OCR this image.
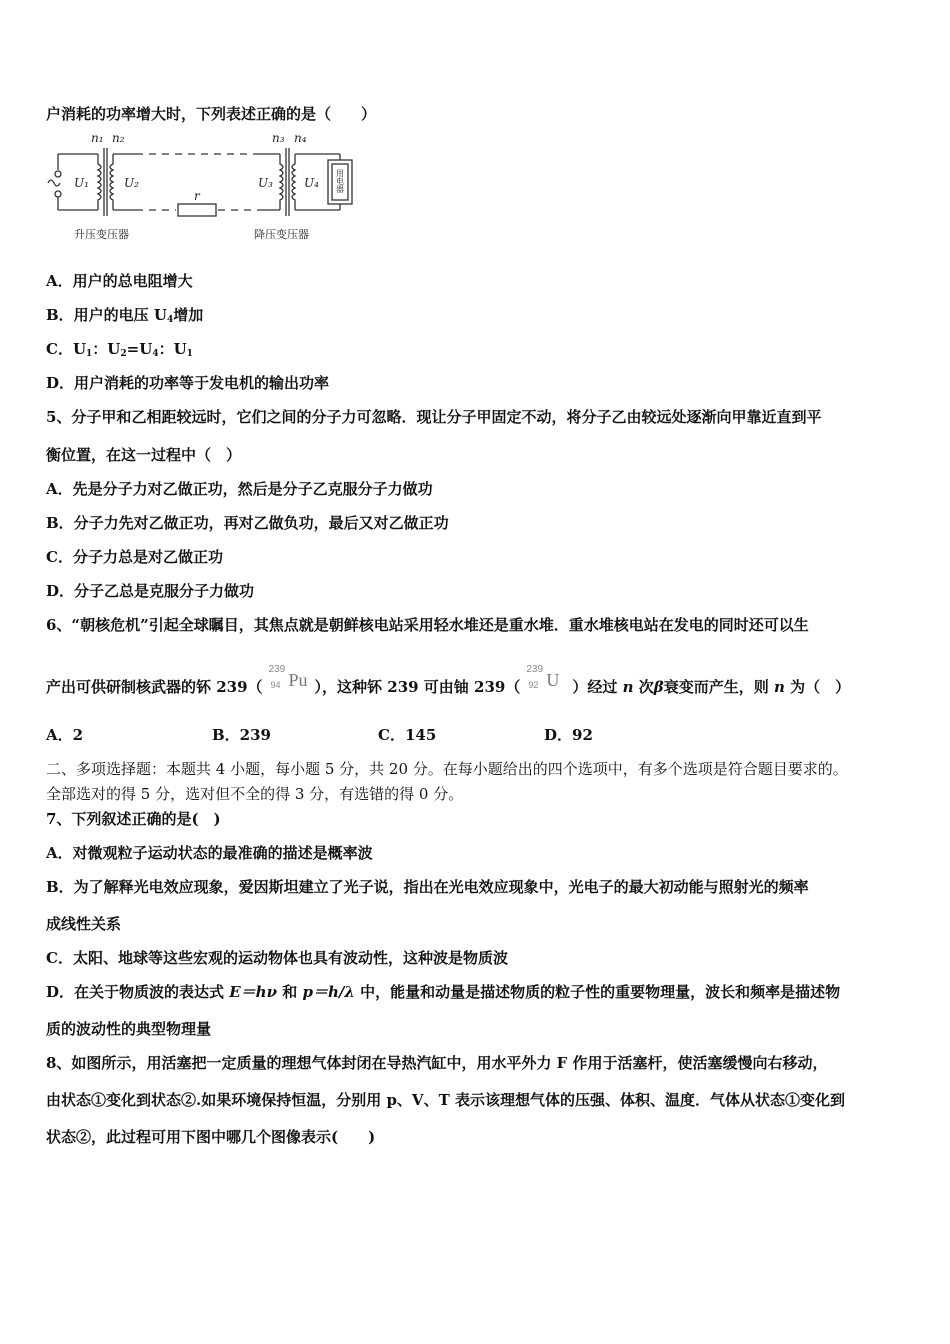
户消耗的功率增大时，下列表述正确的是（　　）
n₁ n₂	n₃ n₄
U₁	U₂	U₃	U₄
r
用电器
升压变压器	降压变压器
A．用户的总电阻增大
B．用户的电压 $U_4$增加
C．$U_1$：$U_2=U_4$：$U_1$
D．用户消耗的功率等于发电机的输出功率
5、分子甲和乙相距较远时，它们之间的分子力可忽略．现让分子甲固定不动，将分子乙由较远处逐渐向甲靠近直到平
衡位置，在这一过程中（　）
A．先是分子力对乙做正功，然后是分子乙克服分子力做功
B．分子力先对乙做正功，再对乙做负功，最后又对乙做正功
C．分子力总是对乙做正功
D．分子乙总是克服分子力做功
6、“朝核危机”引起全球瞩目，其焦点就是朝鲜核电站采用轻水堆还是重水堆．重水堆核电站在发电的同时还可以生
产出可供研制核武器的钚 239（
239
94 Pu ），这种钚 239 可由铀 239（
239
92 U ）经过 n 次β衰变而产生，则 n 为（　）
A．2	B．239	C．145	D．92
二、多项选择题：本题共 4 小题，每小题 5 分，共 20 分。在每小题给出的四个选项中，有多个选项是符合题目要求的。
全部选对的得 5 分，选对但不全的得 3 分，有选错的得 0 分。
7、下列叙述正确的是(　)
A．对微观粒子运动状态的最准确的描述是概率波
B．为了解释光电效应现象，爱因斯坦建立了光子说，指出在光电效应现象中，光电子的最大初动能与照射光的频率
成线性关系
C．太阳、地球等这些宏观的运动物体也具有波动性，这种波是物质波
D．在关于物质波的表达式 E＝hν 和 p＝h/λ 中，能量和动量是描述物质的粒子性的重要物理量，波长和频率是描述物
质的波动性的典型物理量
8、如图所示，用活塞把一定质量的理想气体封闭在导热汽缸中，用水平外力 F 作用于活塞杆，使活塞缓慢向右移动，
由状态①变化到状态②.如果环境保持恒温，分别用 p、V、T 表示该理想气体的压强、体积、温度．气体从状态①变化到
状态②，此过程可用下图中哪几个图像表示(　　)
